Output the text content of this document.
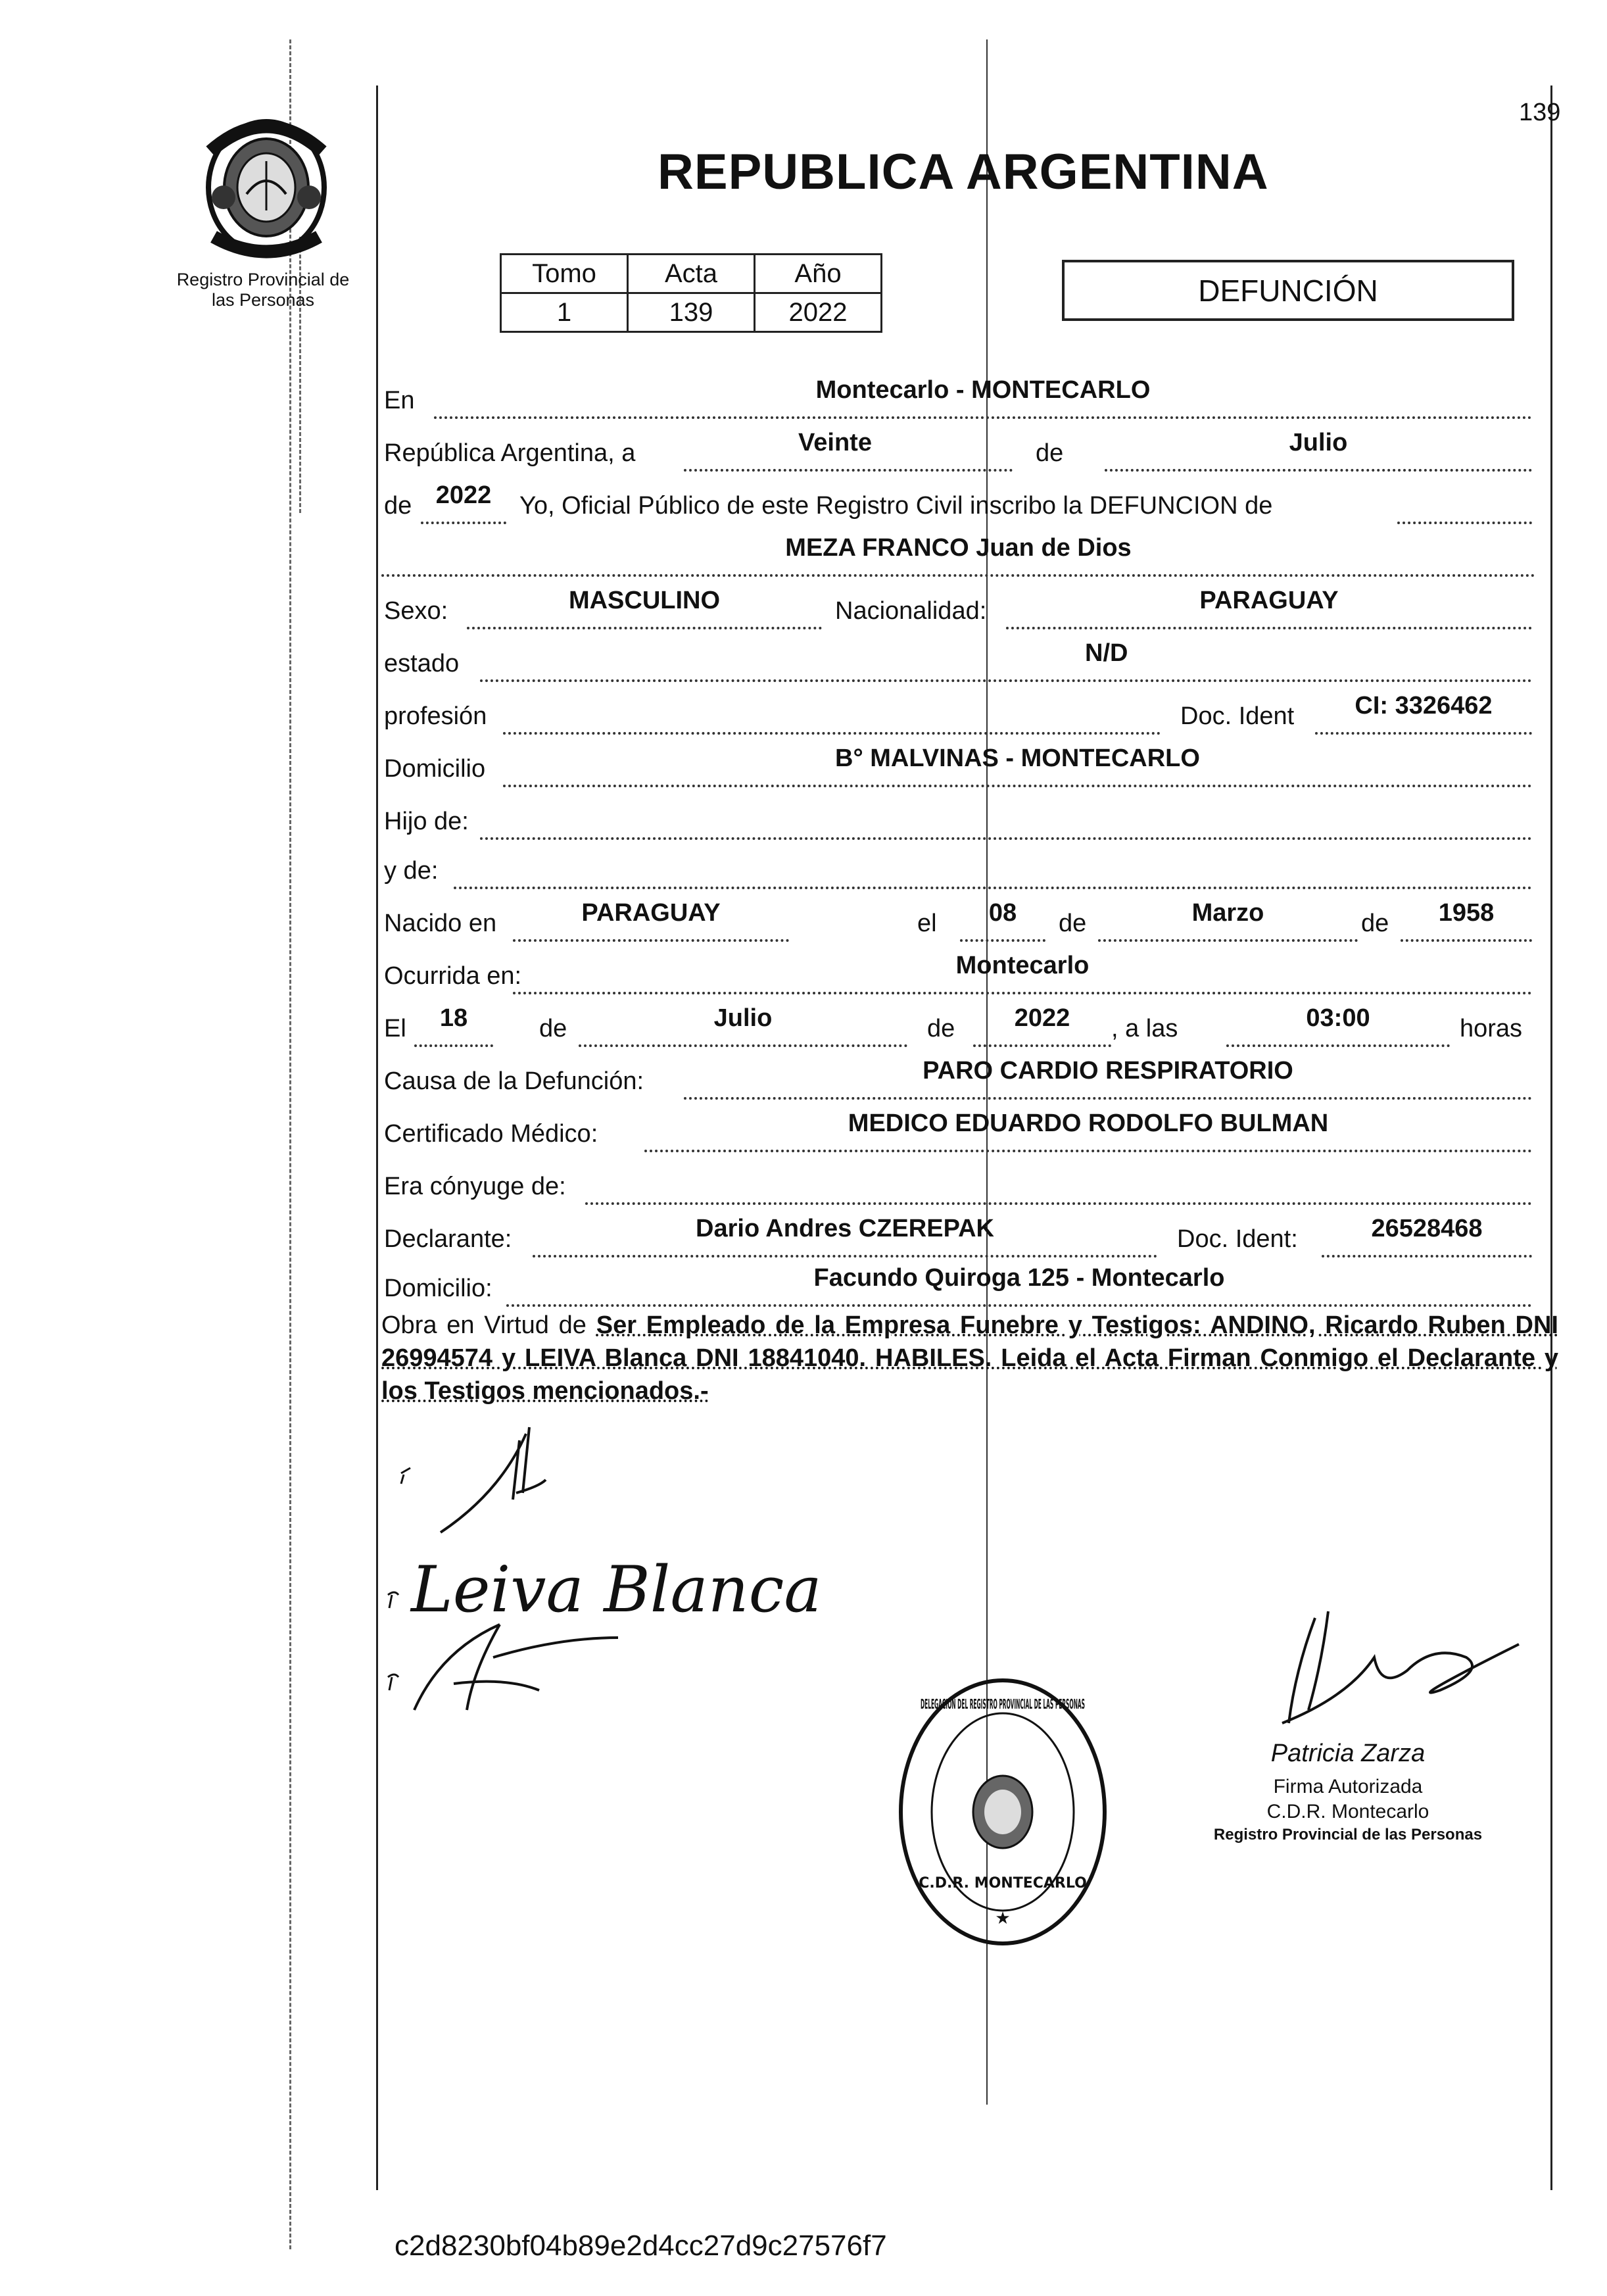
139
REPUBLICA ARGENTINA
Registro Provincial de
las Personas
Tomo	Acta	Año
1	139	2022
DEFUNCIÓN
En	Montecarlo - MONTECARLO
República Argentina, a	Veinte	de	Julio
de 2022	Yo, Oficial Público de este Registro Civil inscribo la DEFUNCION de
MEZA FRANCO Juan de Dios
Sexo:	MASCULINO	Nacionalidad:	PARAGUAY
estado	N/D
profesión	Doc. Ident	CI: 3326462
Domicilio	B° MALVINAS - MONTECARLO
Hijo de:
y de:
Nacido en	PARAGUAY	el	08	de	Marzo	de	1958
Ocurrida en:	Montecarlo
El	18	de	Julio	de	2022	, a las	03:00	horas
Causa de la Defunción:	PARO CARDIO RESPIRATORIO
Certificado Médico:	MEDICO EDUARDO RODOLFO BULMAN
Era cónyuge de:
Declarante:	Dario Andres CZEREPAK	Doc. Ident:	26528468
Domicilio:	Facundo Quiroga 125 - Montecarlo
Obra en Virtud de Ser Empleado de la Empresa Funebre y Testigos: ANDINO, Ricardo Ruben DNI 26994574 y LEIVA Blanca DNI 18841040. HABILES. Leida el Acta Firman Conmigo el Declarante y los Testigos mencionados.-
Leiva Blanca
DELEGACION DEL REGISTRO PROVINCIAL DE LAS PERSONAS
C.D.R. MONTECARLO
★
Patricia Zarza
Firma Autorizada
C.D.R. Montecarlo
Registro Provincial de las Personas
c2d8230bf04b89e2d4cc27d9c27576f7
